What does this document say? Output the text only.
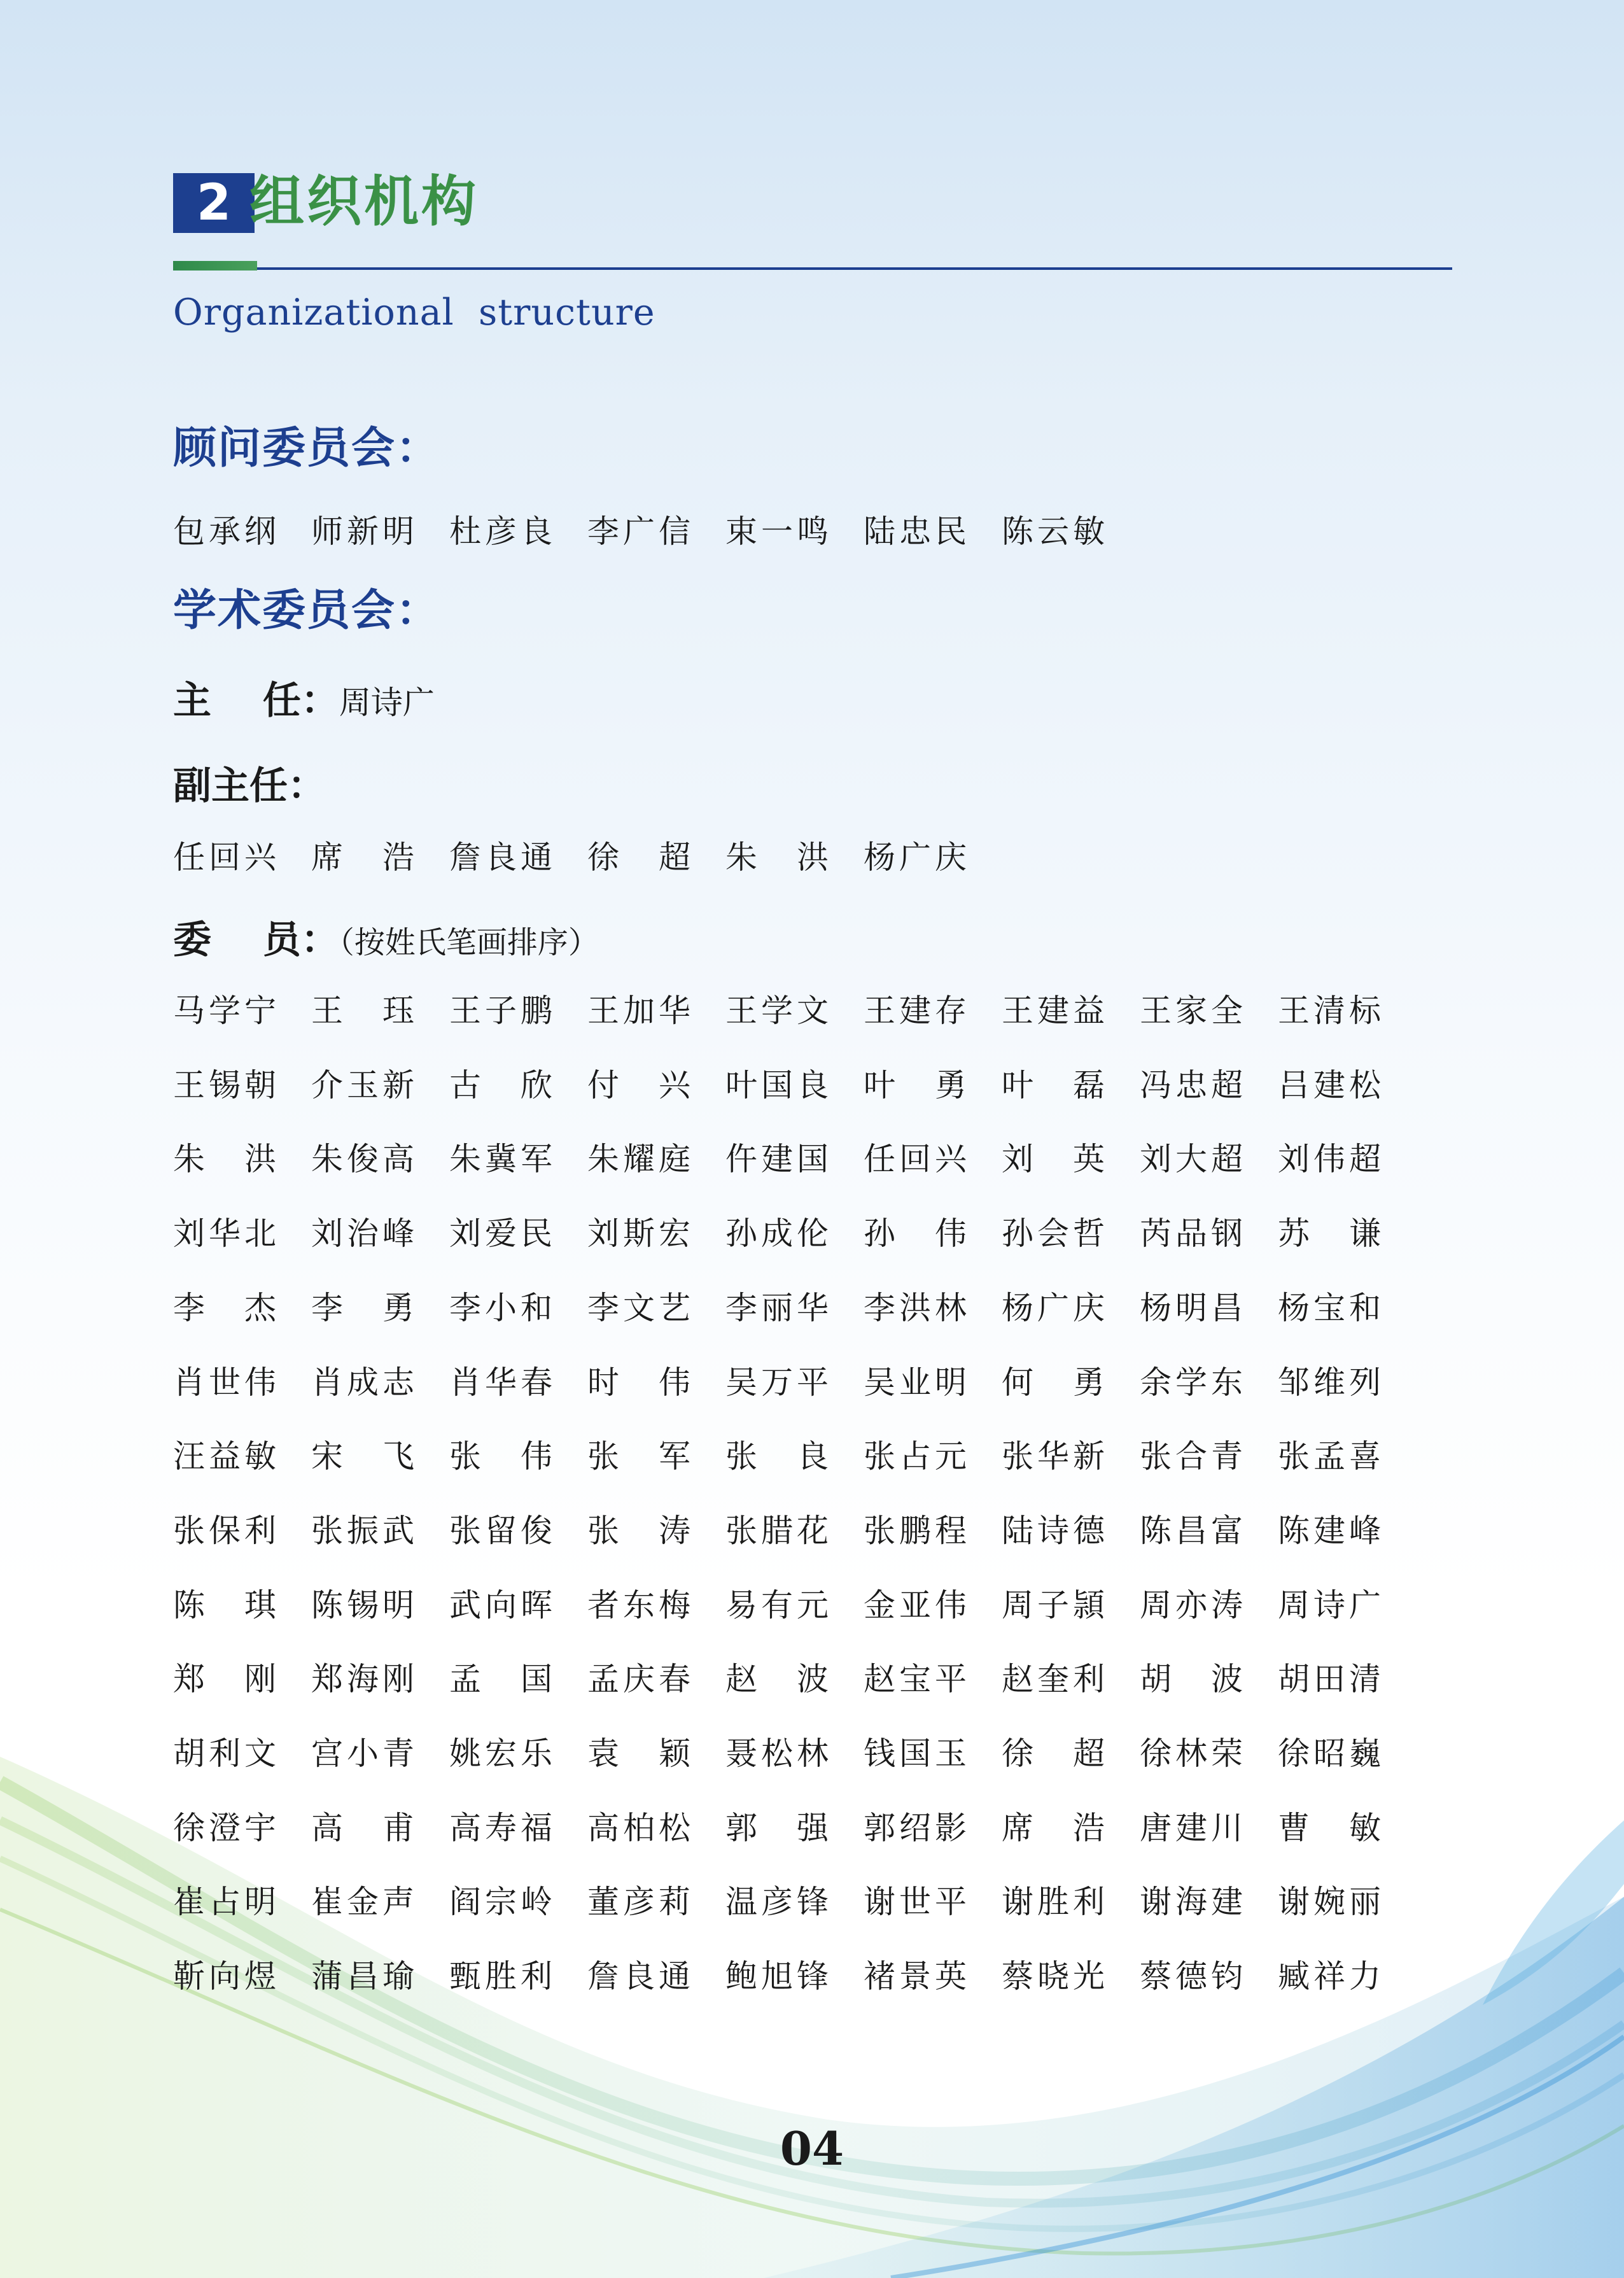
2 组织机构
Organizational  structure
顾问委员会：
包承纲 师新明 杜彦良 李广信 束一鸣 陆忠民 陈云敏
学术委员会：
主　 任：周诗广
副主任：
任回兴 席　浩 詹良通 徐　超 朱　洪 杨广庆
委　 员：（按姓氏笔画排序）
马学宁 王　珏 王子鹏 王加华 王学文 王建存 王建益 王家全 王清标
王锡朝 介玉新 古　欣 付　兴 叶国良 叶　勇 叶　磊 冯忠超 吕建松
朱　洪 朱俊高 朱冀军 朱耀庭 仵建国 任回兴 刘　英 刘大超 刘伟超
刘华北 刘治峰 刘爱民 刘斯宏 孙成伦 孙　伟 孙会哲 芮品钢 苏　谦
李　杰 李　勇 李小和 李文艺 李丽华 李洪林 杨广庆 杨明昌 杨宝和
肖世伟 肖成志 肖华春 时　伟 吴万平 吴业明 何　勇 余学东 邹维列
汪益敏 宋　飞 张　伟 张　军 张　良 张占元 张华新 张合青 张孟喜
张保利 张振武 张留俊 张　涛 张腊花 张鹏程 陆诗德 陈昌富 陈建峰
陈　琪 陈锡明 武向晖 者东梅 易有元 金亚伟 周子頴 周亦涛 周诗广
郑　刚 郑海刚 孟　国 孟庆春 赵　波 赵宝平 赵奎利 胡　波 胡田清
胡利文 宫小青 姚宏乐 袁　颖 聂松林 钱国玉 徐　超 徐林荣 徐昭巍
徐澄宇 高　甫 高寿福 高柏松 郭　强 郭绍影 席　浩 唐建川 曹　敏
崔占明 崔金声 阎宗岭 董彦莉 温彦锋 谢世平 谢胜利 谢海建 谢婉丽
靳向煜 蒲昌瑜 甄胜利 詹良通 鲍旭锋 褚景英 蔡晓光 蔡德钧 臧祥力
04
